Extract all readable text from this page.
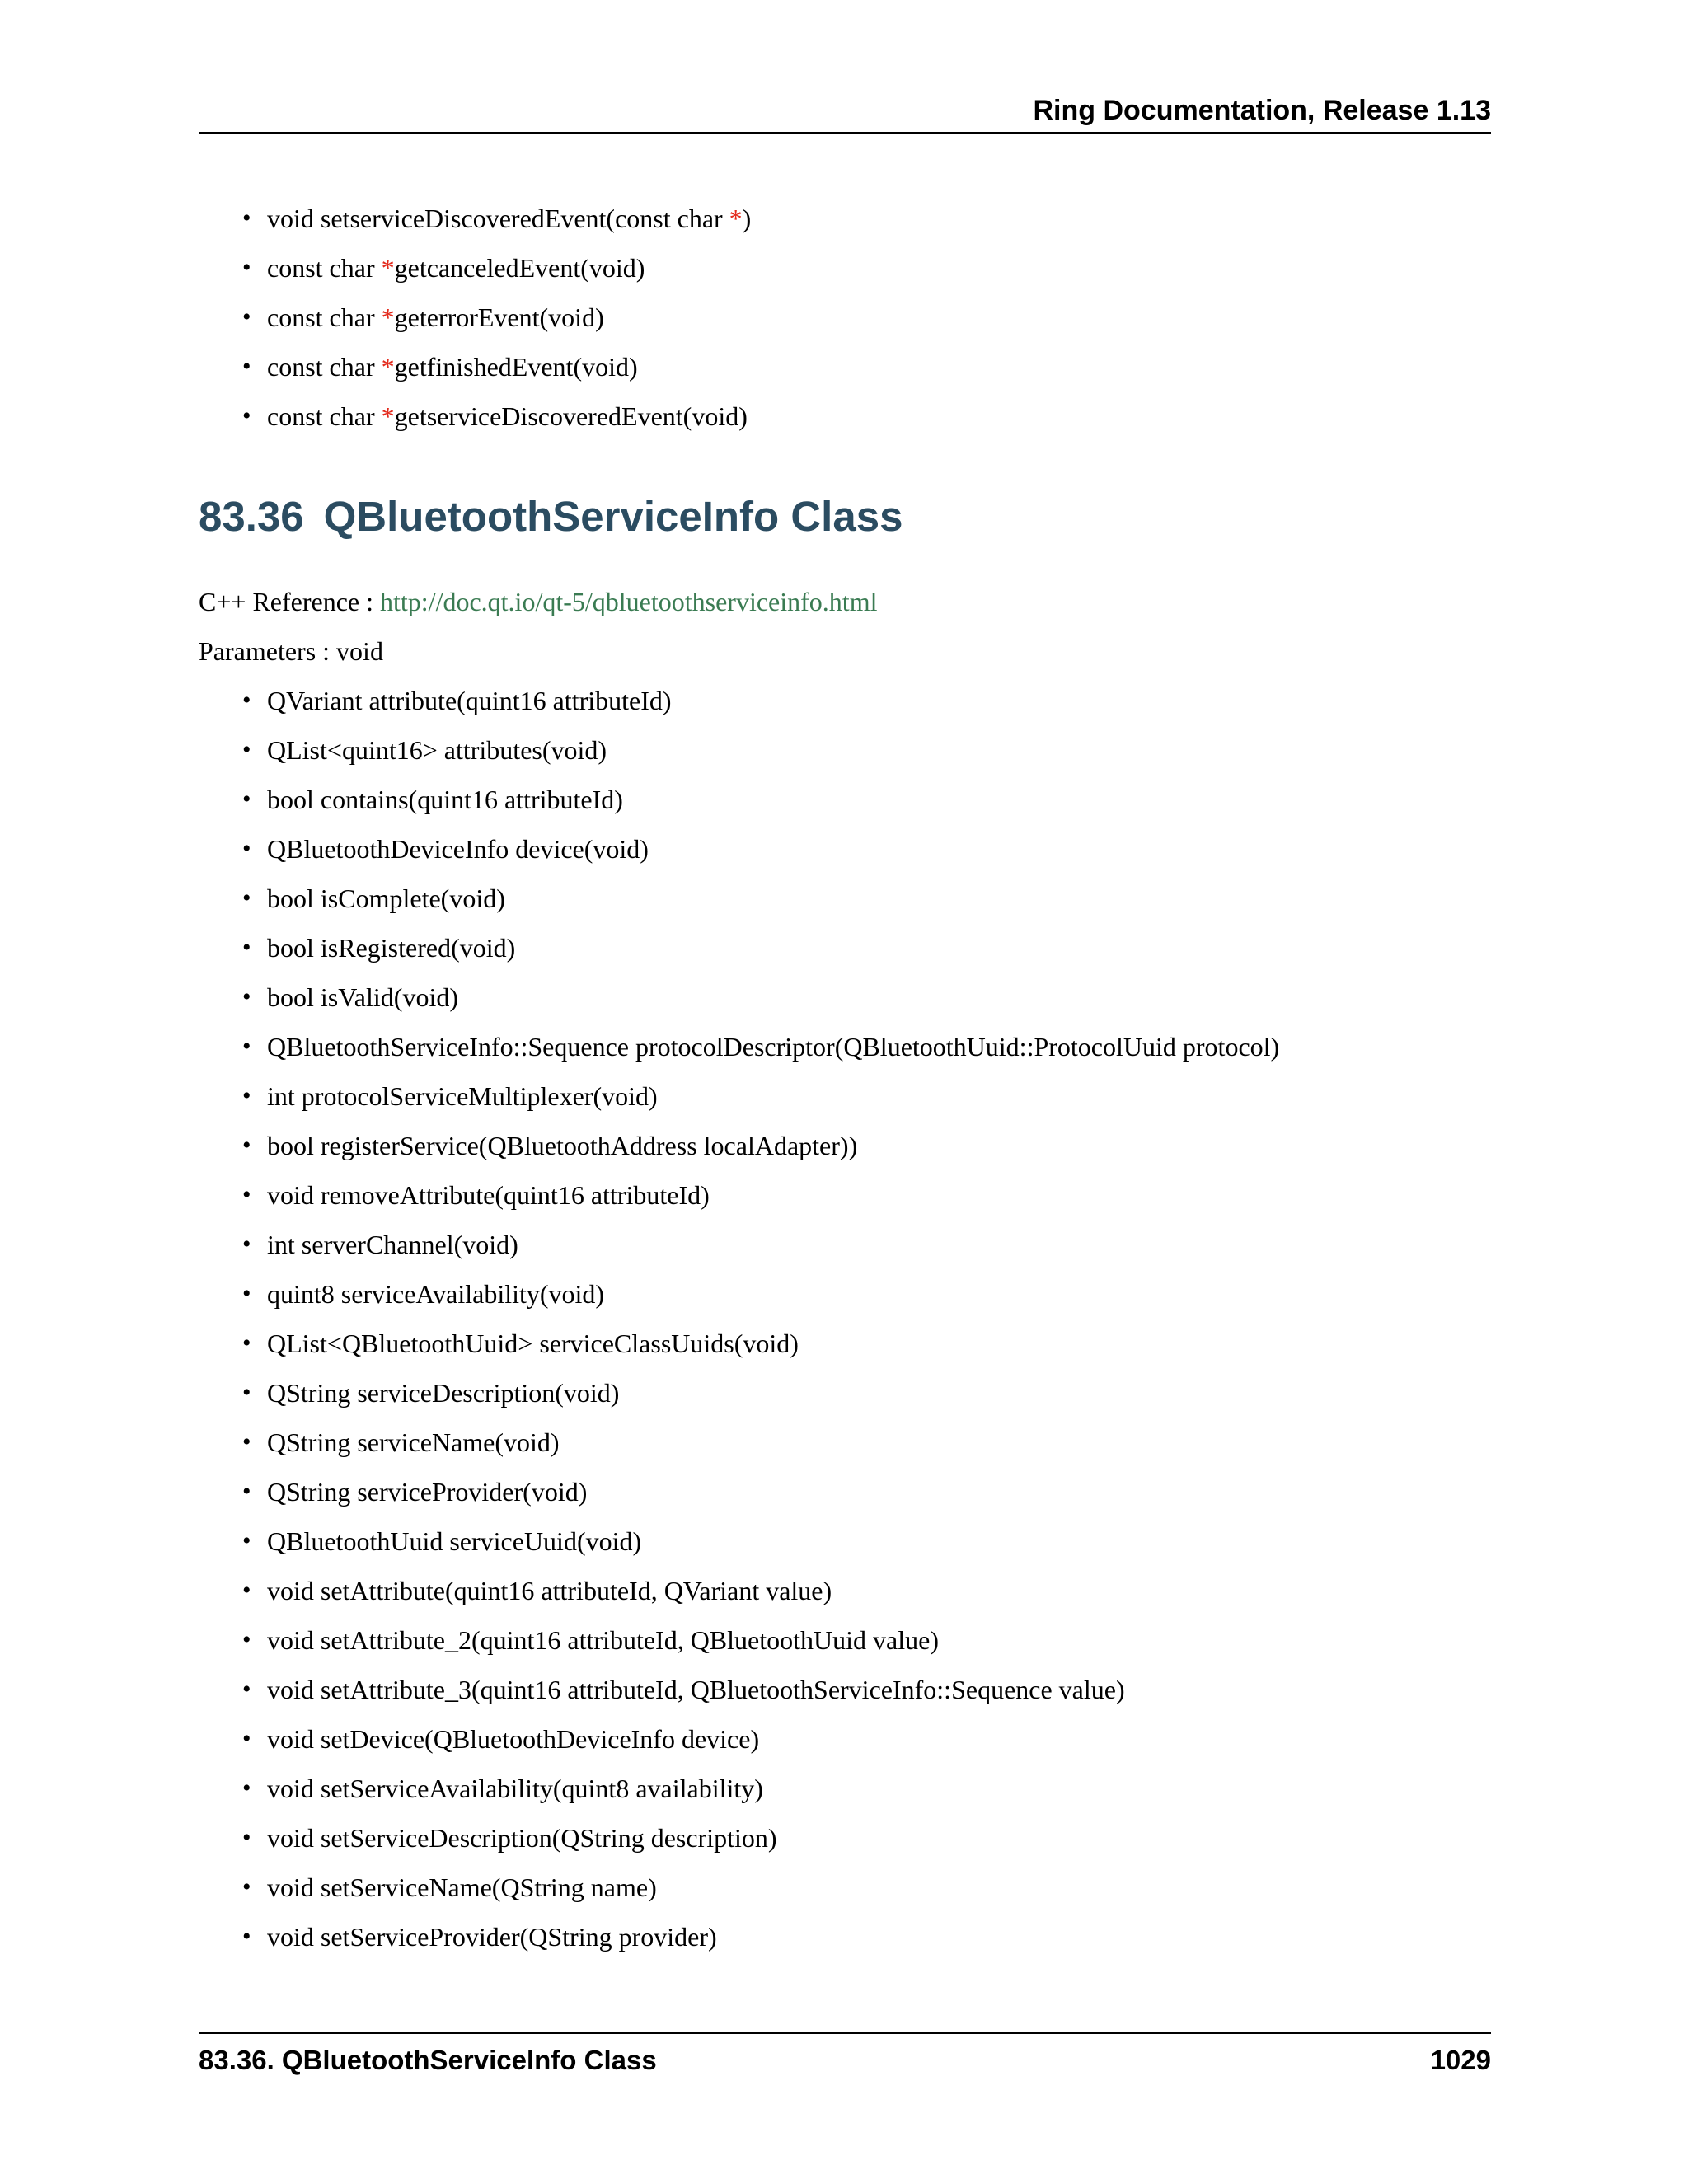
Ring Documentation, Release 1.13
• void setserviceDiscoveredEvent(const char *)
• const char *getcanceledEvent(void)
• const char *geterrorEvent(void)
• const char *getfinishedEvent(void)
• const char *getserviceDiscoveredEvent(void)
83.36 QBluetoothServiceInfo Class
C++ Reference : http://doc.qt.io/qt-5/qbluetoothserviceinfo.html
Parameters : void
• QVariant attribute(quint16 attributeId)
• QList<quint16> attributes(void)
• bool contains(quint16 attributeId)
• QBluetoothDeviceInfo device(void)
• bool isComplete(void)
• bool isRegistered(void)
• bool isValid(void)
• QBluetoothServiceInfo::Sequence protocolDescriptor(QBluetoothUuid::ProtocolUuid protocol)
• int protocolServiceMultiplexer(void)
• bool registerService(QBluetoothAddress localAdapter))
• void removeAttribute(quint16 attributeId)
• int serverChannel(void)
• quint8 serviceAvailability(void)
• QList<QBluetoothUuid> serviceClassUuids(void)
• QString serviceDescription(void)
• QString serviceName(void)
• QString serviceProvider(void)
• QBluetoothUuid serviceUuid(void)
• void setAttribute(quint16 attributeId, QVariant value)
• void setAttribute_2(quint16 attributeId, QBluetoothUuid value)
• void setAttribute_3(quint16 attributeId, QBluetoothServiceInfo::Sequence value)
• void setDevice(QBluetoothDeviceInfo device)
• void setServiceAvailability(quint8 availability)
• void setServiceDescription(QString description)
• void setServiceName(QString name)
• void setServiceProvider(QString provider)
83.36. QBluetoothServiceInfo Class	1029
